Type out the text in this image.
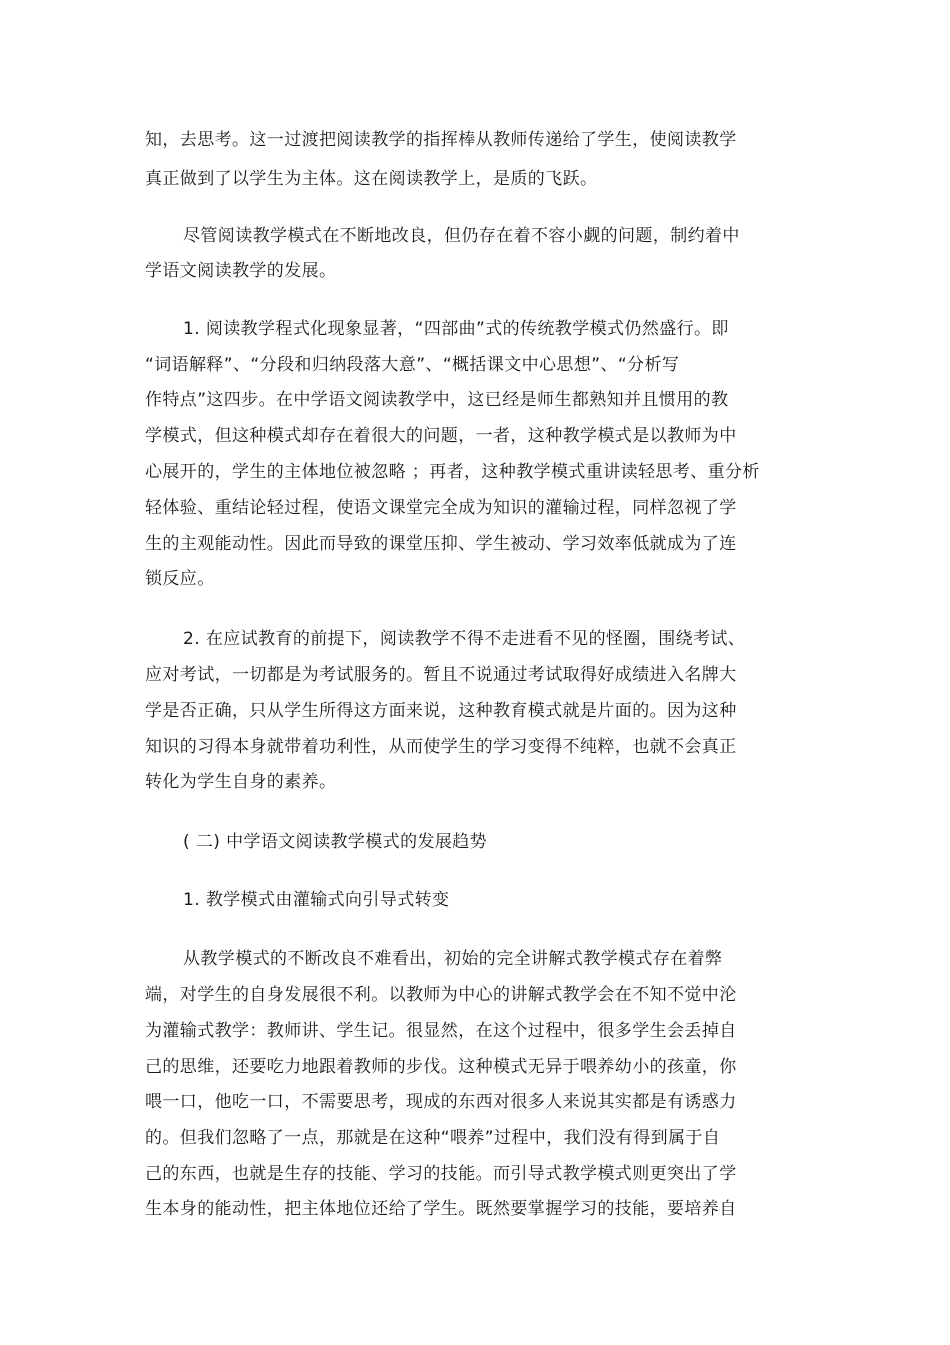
知，去思考。这一过渡把阅读教学的指挥棒从教师传递给了学生，使阅读教学
真正做到了以学生为主体。这在阅读教学上，是质的飞跃。
尽管阅读教学模式在不断地改良，但仍存在着不容小觑的问题，制约着中
学语文阅读教学的发展。
1. 阅读教学程式化现象显著，“四部曲”式的传统教学模式仍然盛行。即
“词语解释”、“分段和归纳段落大意”、“概括课文中心思想”、“分析写
作特点”这四步。在中学语文阅读教学中，这已经是师生都熟知并且惯用的教
学模式，但这种模式却存在着很大的问题，一者，这种教学模式是以教师为中
心展开的，学生的主体地位被忽略 ；再者，这种教学模式重讲读轻思考、重分析
轻体验、重结论轻过程，使语文课堂完全成为知识的灌输过程，同样忽视了学
生的主观能动性。因此而导致的课堂压抑、学生被动、学习效率低就成为了连
锁反应。
2. 在应试教育的前提下，阅读教学不得不走进看不见的怪圈，围绕考试、
应对考试，一切都是为考试服务的。暂且不说通过考试取得好成绩进入名牌大
学是否正确，只从学生所得这方面来说，这种教育模式就是片面的。因为这种
知识的习得本身就带着功利性，从而使学生的学习变得不纯粹，也就不会真正
转化为学生自身的素养。
( 二) 中学语文阅读教学模式的发展趋势
1. 教学模式由灌输式向引导式转变
从教学模式的不断改良不难看出，初始的完全讲解式教学模式存在着弊
端，对学生的自身发展很不利。以教师为中心的讲解式教学会在不知不觉中沦
为灌输式教学：教师讲、学生记。很显然，在这个过程中，很多学生会丢掉自
己的思维，还要吃力地跟着教师的步伐。这种模式无异于喂养幼小的孩童，你
喂一口，他吃一口，不需要思考，现成的东西对很多人来说其实都是有诱惑力
的。但我们忽略了一点，那就是在这种“喂养”过程中，我们没有得到属于自
己的东西，也就是生存的技能、学习的技能。而引导式教学模式则更突出了学
生本身的能动性，把主体地位还给了学生。既然要掌握学习的技能，要培养自
